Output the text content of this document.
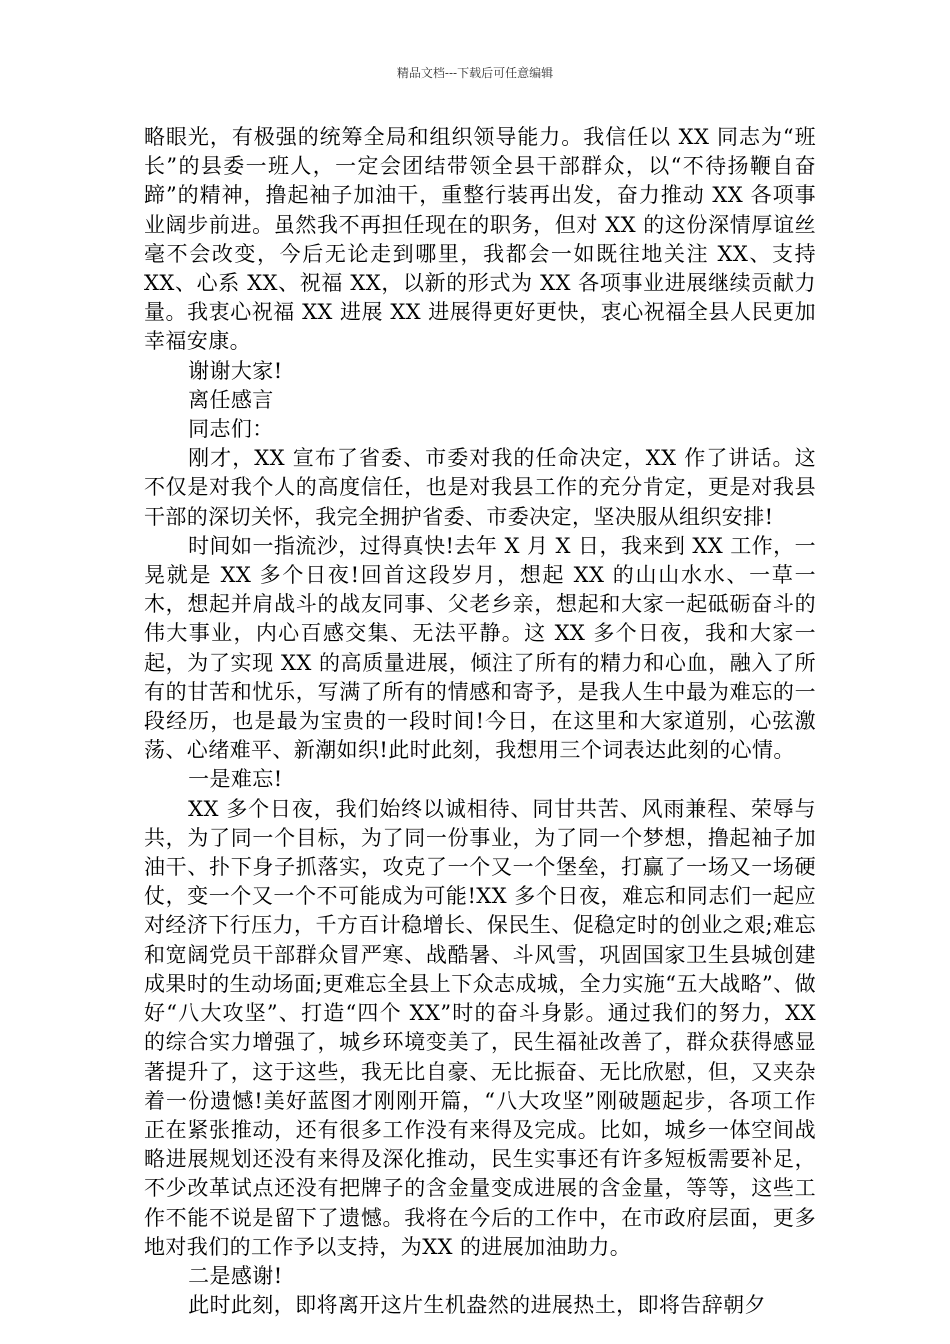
精品文档---下载后可任意编辑

略眼光，有极强的统筹全局和组织领导能力。我信任以 XX 同志为“班长”的县委一班人，一定会团结带领全县干部群众，以“不待扬鞭自奋蹄”的精神，撸起袖子加油干，重整行装再出发，奋力推动 XX 各项事业阔步前进。虽然我不再担任现在的职务，但对 XX 的这份深情厚谊丝毫不会改变，今后无论走到哪里，我都会一如既往地关注 XX、支持 XX、心系 XX、祝福 XX，以新的形式为 XX 各项事业进展继续贡献力量。我衷心祝福 XX 进展 XX 进展得更好更快，衷心祝福全县人民更加幸福安康。

谢谢大家!

离任感言

同志们：

刚才，XX 宣布了省委、市委对我的任命决定，XX 作了讲话。这不仅是对我个人的高度信任，也是对我县工作的充分肯定，更是对我县干部的深切关怀，我完全拥护省委、市委决定，坚决服从组织安排!

时间如一指流沙，过得真快!去年 X 月 X 日，我来到 XX 工作，一晃就是 XX 多个日夜!回首这段岁月，想起 XX 的山山水水、一草一木，想起并肩战斗的战友同事、父老乡亲，想起和大家一起砥砺奋斗的伟大事业，内心百感交集、无法平静。这 XX 多个日夜，我和大家一起，为了实现 XX 的高质量进展，倾注了所有的精力和心血，融入了所有的甘苦和忧乐，写满了所有的情感和寄予，是我人生中最为难忘的一段经历，也是最为宝贵的一段时间!今日，在这里和大家道别，心弦激荡、心绪难平、新潮如织!此时此刻，我想用三个词表达此刻的心情。

一是难忘!

XX 多个日夜，我们始终以诚相待、同甘共苦、风雨兼程、荣辱与共，为了同一个目标，为了同一份事业，为了同一个梦想，撸起袖子加油干、扑下身子抓落实，攻克了一个又一个堡垒，打赢了一场又一场硬仗，变一个又一个不可能成为可能!XX 多个日夜，难忘和同志们一起应对经济下行压力，千方百计稳增长、保民生、促稳定时的创业之艰;难忘和宽阔党员干部群众冒严寒、战酷暑、斗风雪，巩固国家卫生县城创建成果时的生动场面;更难忘全县上下众志成城，全力实施“五大战略”、做好“八大攻坚”、打造“四个 XX”时的奋斗身影。通过我们的努力，XX 的综合实力增强了，城乡环境变美了，民生福祉改善了，群众获得感显著提升了，这于这些，我无比自豪、无比振奋、无比欣慰，但，又夹杂着一份遗憾!美好蓝图才刚刚开篇，“八大攻坚”刚破题起步，各项工作正在紧张推动，还有很多工作没有来得及完成。比如，城乡一体空间战略进展规划还没有来得及深化推动，民生实事还有许多短板需要补足，不少改革试点还没有把牌子的含金量变成进展的含金量，等等，这些工作不能不说是留下了遗憾。我将在今后的工作中，在市政府层面，更多地对我们的工作予以支持，为XX 的进展加油助力。

二是感谢!

此时此刻，即将离开这片生机盎然的进展热土，即将告辞朝夕
